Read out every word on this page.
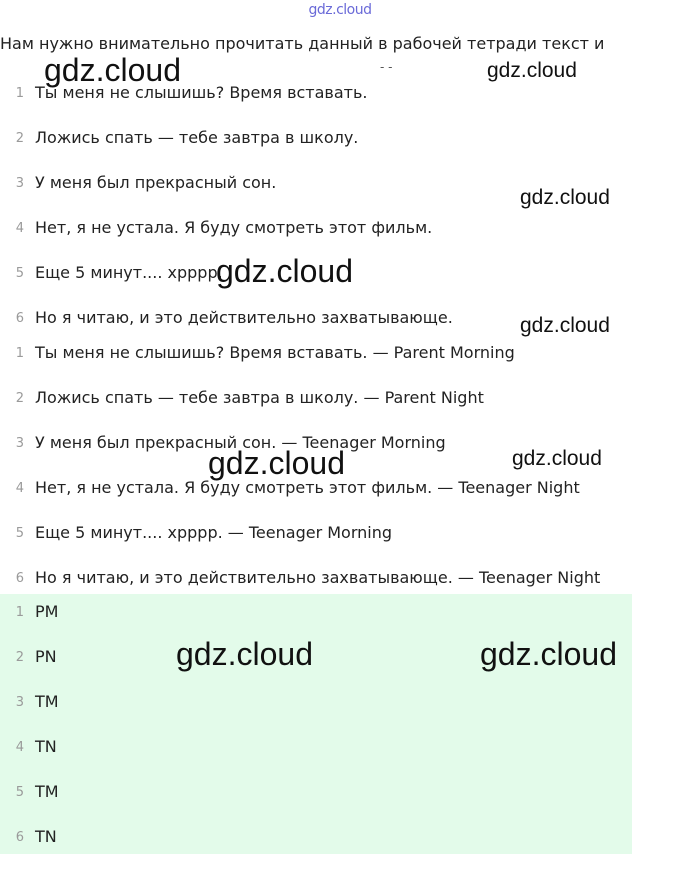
gdz.cloud
Нам нужно внимательно прочитать данный в рабочей тетради текст и
- -
1 Ты меня не слышишь? Время вставать.
2 Ложись спать — тебе завтра в школу.
3 У меня был прекрасный сон.
4 Нет, я не устала. Я буду смотреть этот фильм.
5 Еще 5 минут.... хрррр.
6 Но я читаю, и это действительно захватывающе.
1 Ты меня не слышишь? Время вставать. — Parent Morning
2 Ложись спать — тебе завтра в школу. — Parent Night
3 У меня был прекрасный сон. — Teenager Morning
4 Нет, я не устала. Я буду смотреть этот фильм. — Teenager Night
5 Еще 5 минут.... хрррр. — Teenager Morning
6 Но я читаю, и это действительно захватывающе. — Teenager Night
1 PM
2 PN
3 TM
4 TN
5 TM
6 TN
gdz.cloud	gdz.cloud
gdz.cloud
gdz.cloud
gdz.cloud
gdz.cloud	gdz.cloud
gdz.cloud	gdz.cloud
